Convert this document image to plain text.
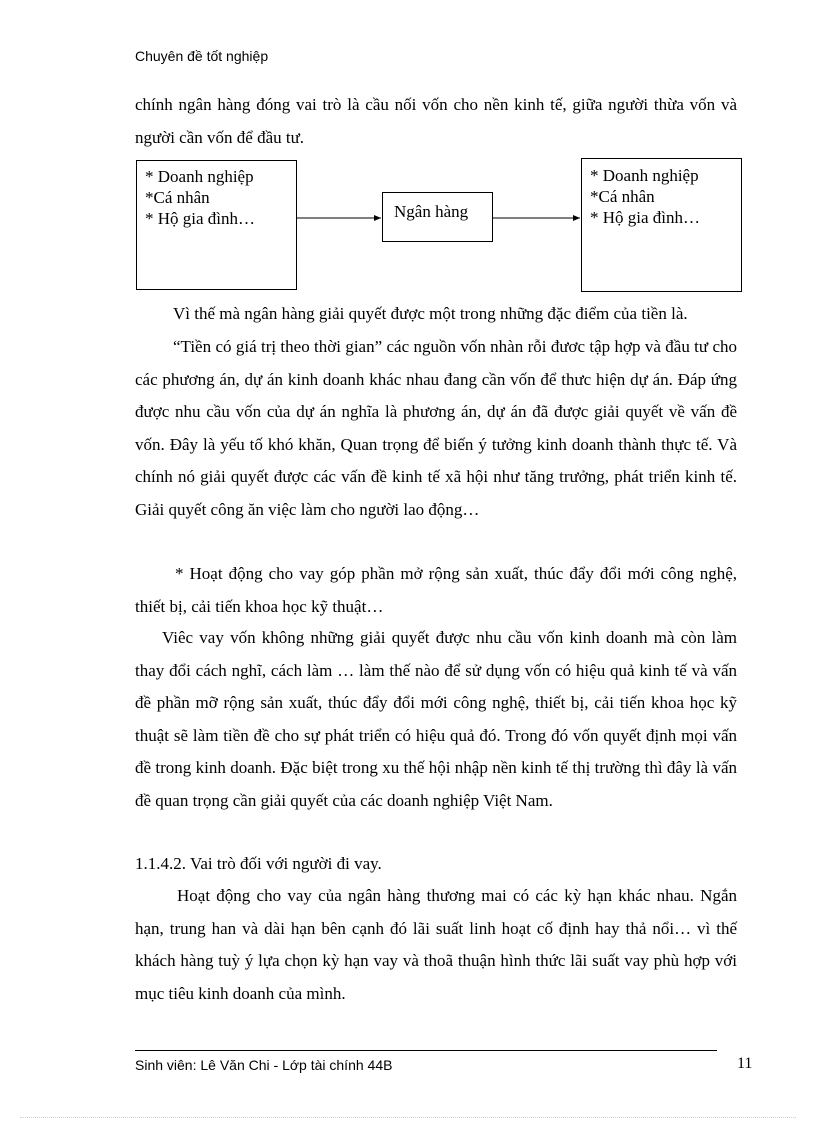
Chuyên đề tốt nghiệp

chính ngân hàng đóng vai trò là cầu nối vốn cho nền kinh tế, giữa người thừa vốn và người cần vốn để đầu tư.

* Doanh nghiệp
*Cá nhân
* Hộ gia đình…	Ngân hàng
* Doanh nghiệp
*Cá nhân
* Hộ gia đình…

Vì thế mà ngân hàng giải quyết được một trong những đặc điểm của tiền là.

“Tiền có giá trị theo thời gian” các nguồn vốn nhàn rỗi đươc tập hợp và đầu tư cho các phương án, dự án kinh doanh khác nhau đang cần vốn để thưc hiện dự án. Đáp ứng được nhu cầu vốn của dự án nghĩa là phương án, dự án đã được giải quyết về vấn đề vốn. Đây là yếu tố khó khăn, Quan trọng để biến ý tưởng kinh doanh thành thực tế. Và chính nó giải quyết được các vấn đề kinh tế xã hội như tăng trưởng, phát triển kinh tế. Giải quyết công ăn việc làm cho người lao động…

* Hoạt động cho vay góp phần mở rộng sản xuất, thúc đẩy đổi mới công nghệ, thiết bị, cải tiến khoa học kỹ thuật…

Viêc vay vốn không những giải quyết được nhu cầu vốn kinh doanh mà còn làm thay đổi cách nghĩ, cách làm … làm thế nào để sử dụng vốn có hiệu quả kinh tế và vấn đề phần mỡ rộng sản xuất, thúc đẩy đổi mới công nghệ, thiết bị, cải tiến khoa học kỹ thuật sẽ làm tiền đề cho sự phát triển có hiệu quả đó. Trong đó vốn quyết định mọi vấn đề trong kinh doanh. Đặc biệt trong xu thế hội nhập nền kinh tế thị trường thì đây là vấn đề quan trọng cần giải quyết của các doanh nghiệp Việt Nam.

1.1.4.2. Vai trò đối với người đi vay.

Hoạt động cho vay của ngân hàng thương mai có các kỳ hạn khác nhau. Ngắn hạn, trung han và dài hạn bên cạnh đó lãi suất linh hoạt cố định hay thả nổi… vì thế khách hàng tuỳ ý lựa chọn kỳ hạn vay và thoã thuận hình thức lãi suất vay phù hợp với mục tiêu kinh doanh của mình.

Sinh viên: Lê Văn Chi - Lớp tài chính 44B	11
